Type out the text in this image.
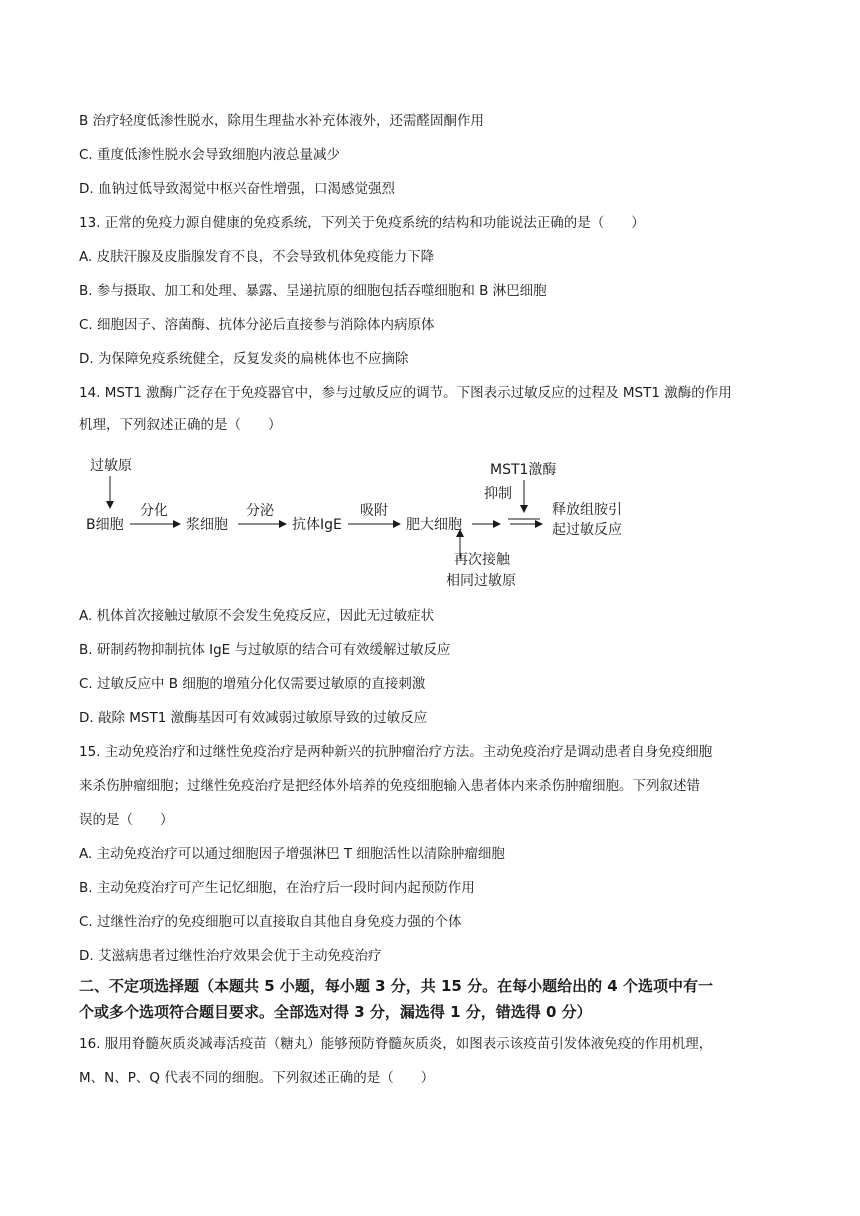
B 治疗轻度低渗性脱水，除用生理盐水补充体液外，还需醛固酮作用
C. 重度低渗性脱水会导致细胞内液总量减少
D. 血钠过低导致渴觉中枢兴奋性增强，口渴感觉强烈
13. 正常的免疫力源自健康的免疫系统，下列关于免疫系统的结构和功能说法正确的是（　　）
A. 皮肤汗腺及皮脂腺发育不良，不会导致机体免疫能力下降
B. 参与摄取、加工和处理、暴露、呈递抗原的细胞包括吞噬细胞和 B 淋巴细胞
C. 细胞因子、溶菌酶、抗体分泌后直接参与消除体内病原体
D. 为保障免疫系统健全，反复发炎的扁桃体也不应摘除
14. MST1 激酶广泛存在于免疫器官中，参与过敏反应的调节。下图表示过敏反应的过程及 MST1 激酶的作用
机理，下列叙述正确的是（　　）
过敏原
B细胞
分化
浆细胞
分泌
抗体IgE
吸附
肥大细胞
MST1激酶
抑制
释放组胺引
起过敏反应
再次接触
相同过敏原
A. 机体首次接触过敏原不会发生免疫反应，因此无过敏症状
B. 研制药物抑制抗体 IgE 与过敏原的结合可有效缓解过敏反应
C. 过敏反应中 B 细胞的增殖分化仅需要过敏原的直接刺激
D. 敲除 MST1 激酶基因可有效减弱过敏原导致的过敏反应
15. 主动免疫治疗和过继性免疫治疗是两种新兴的抗肿瘤治疗方法。主动免疫治疗是调动患者自身免疫细胞
来杀伤肿瘤细胞；过继性免疫治疗是把经体外培养的免疫细胞输入患者体内来杀伤肿瘤细胞。下列叙述错
误的是（　　）
A. 主动免疫治疗可以通过细胞因子增强淋巴 T 细胞活性以清除肿瘤细胞
B. 主动免疫治疗可产生记忆细胞，在治疗后一段时间内起预防作用
C. 过继性治疗的免疫细胞可以直接取自其他自身免疫力强的个体
D. 艾滋病患者过继性治疗效果会优于主动免疫治疗
二、不定项选择题（本题共 5 小题，每小题 3 分，共 15 分。在每小题给出的 4 个选项中有一
个或多个选项符合题目要求。全部选对得 3 分，漏选得 1 分，错选得 0 分）
16. 服用脊髓灰质炎减毒活疫苗（糖丸）能够预防脊髓灰质炎，如图表示该疫苗引发体液免疫的作用机理，
M、N、P、Q 代表不同的细胞。下列叙述正确的是（　　）
